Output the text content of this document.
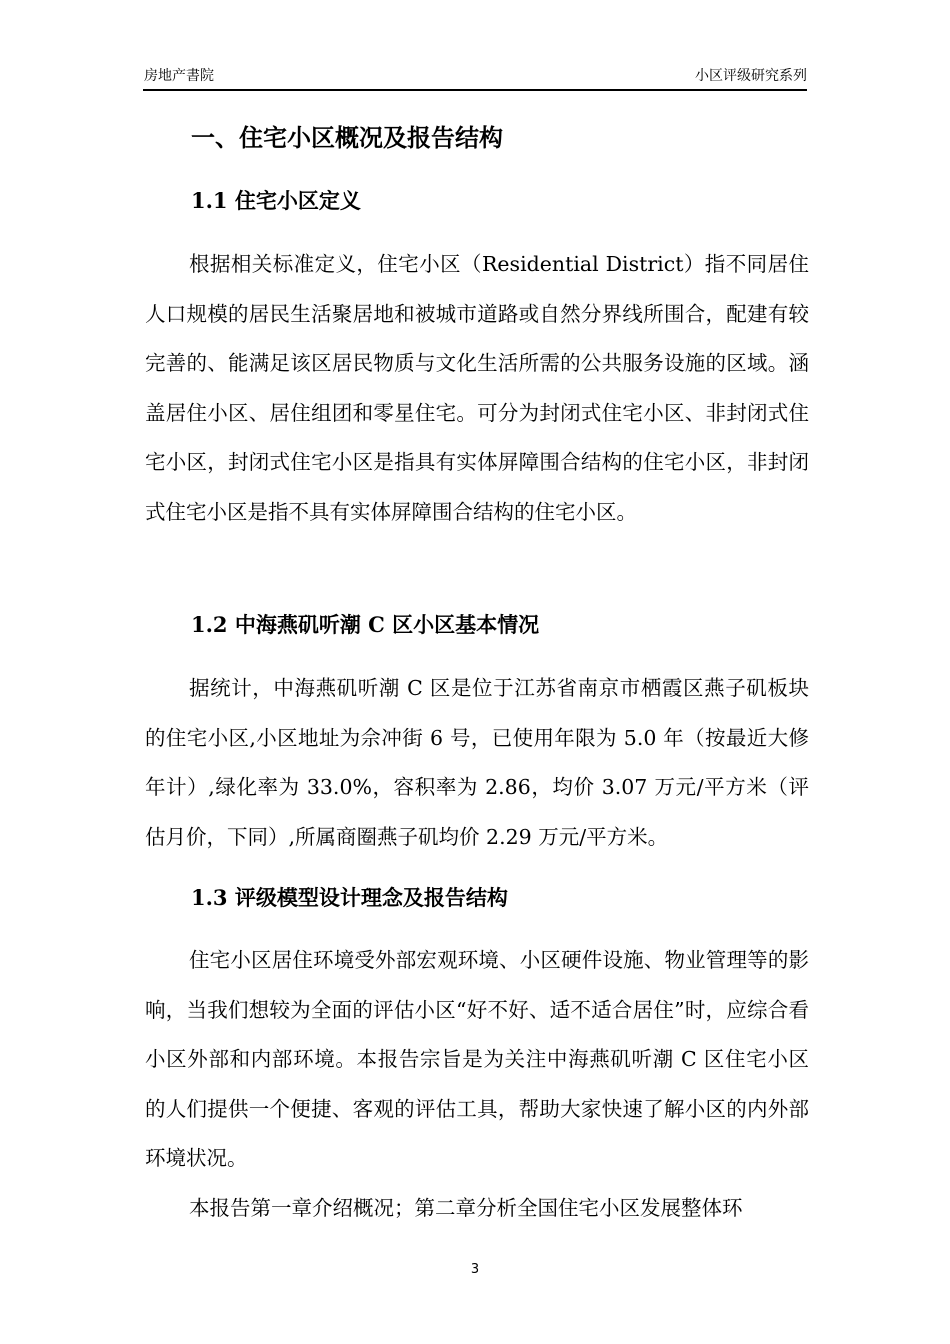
房地产書院	小区评级研究系列
一、住宅小区概况及报告结构
1.1 住宅小区定义
根据相关标准定义，住宅小区（Residential District）指不同居住人口规模的居民生活聚居地和被城市道路或自然分界线所围合，配建有较完善的、能满足该区居民物质与文化生活所需的公共服务设施的区域。涵盖居住小区、居住组团和零星住宅。可分为封闭式住宅小区、非封闭式住宅小区，封闭式住宅小区是指具有实体屏障围合结构的住宅小区，非封闭式住宅小区是指不具有实体屏障围合结构的住宅小区。
1.2 中海燕矶听潮 C 区小区基本情况
据统计，中海燕矶听潮 C 区是位于江苏省南京市栖霞区燕子矶板块的住宅小区,小区地址为佘冲街 6 号，已使用年限为 5.0 年（按最近大修年计）,绿化率为 33.0%，容积率为 2.86，均价 3.07 万元/平方米（评估月价，下同）,所属商圈燕子矶均价 2.29 万元/平方米。
1.3 评级模型设计理念及报告结构
住宅小区居住环境受外部宏观环境、小区硬件设施、物业管理等的影响，当我们想较为全面的评估小区“好不好、适不适合居住”时，应综合看小区外部和内部环境。本报告宗旨是为关注中海燕矶听潮 C 区住宅小区的人们提供一个便捷、客观的评估工具，帮助大家快速了解小区的内外部环境状况。
本报告第一章介绍概况；第二章分析全国住宅小区发展整体环
3
